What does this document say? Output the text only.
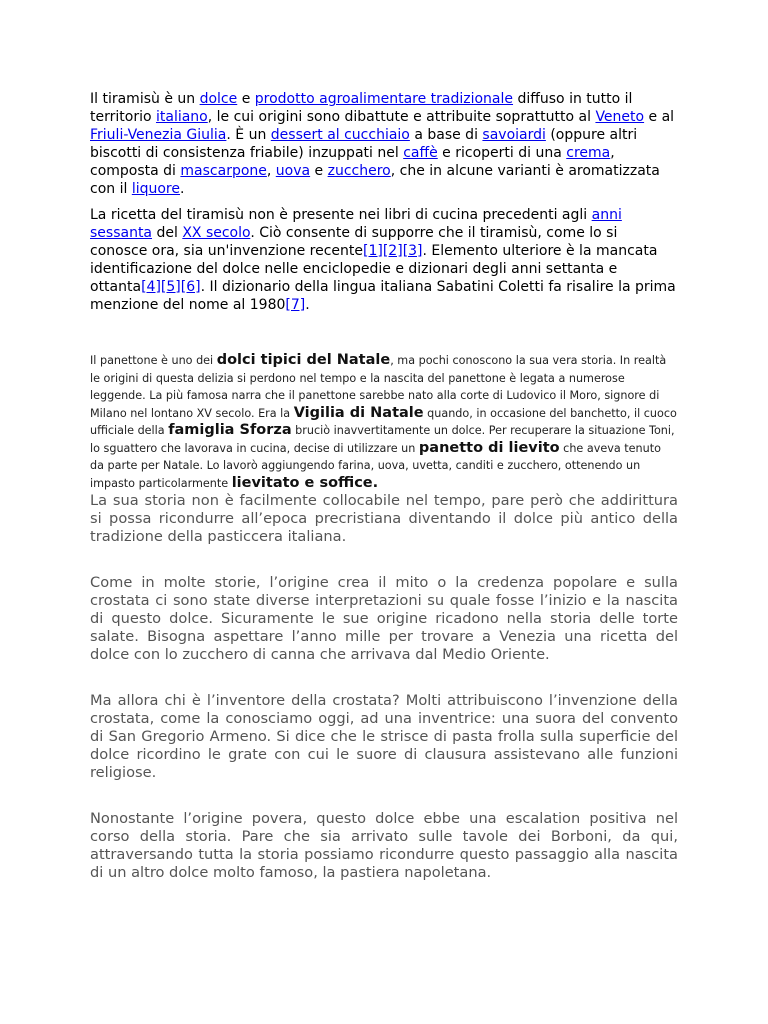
Il tiramisù è un dolce e prodotto agroalimentare tradizionale diffuso in tutto il territorio italiano, le cui origini sono dibattute e attribuite soprattutto al Veneto e al Friuli-Venezia Giulia. È un dessert al cucchiaio a base di savoiardi (oppure altri biscotti di consistenza friabile) inzuppati nel caffè e ricoperti di una crema, composta di mascarpone, uova e zucchero, che in alcune varianti è aromatizzata con il liquore.

La ricetta del tiramisù non è presente nei libri di cucina precedenti agli anni sessanta del XX secolo. Ciò consente di supporre che il tiramisù, come lo si conosce ora, sia un'invenzione recente[1][2][3]. Elemento ulteriore è la mancata identificazione del dolce nelle enciclopedie e dizionari degli anni settanta e ottanta[4][5][6]. Il dizionario della lingua italiana Sabatini Coletti fa risalire la prima menzione del nome al 1980[7].

Il panettone è uno dei dolci tipici del Natale, ma pochi conoscono la sua vera storia. In realtà le origini di questa delizia si perdono nel tempo e la nascita del panettone è legata a numerose leggende. La più famosa narra che il panettone sarebbe nato alla corte di Ludovico il Moro, signore di Milano nel lontano XV secolo. Era la Vigilia di Natale quando, in occasione del banchetto, il cuoco ufficiale della famiglia Sforza bruciò inavvertitamente un dolce. Per recuperare la situazione Toni, lo sguattero che lavorava in cucina, decise di utilizzare un panetto di lievito che aveva tenuto da parte per Natale. Lo lavorò aggiungendo farina, uova, uvetta, canditi e zucchero, ottenendo un impasto particolarmente lievitato e soffice.

La sua storia non è facilmente collocabile nel tempo, pare però che addirittura si possa ricondurre all’epoca precristiana diventando il dolce più antico della tradizione della pasticcera italiana.

Come in molte storie, l’origine crea il mito o la credenza popolare e sulla crostata ci sono state diverse interpretazioni su quale fosse l’inizio e la nascita di questo dolce. Sicuramente le sue origine ricadono nella storia delle torte salate. Bisogna aspettare l’anno mille per trovare a Venezia una ricetta del dolce con lo zucchero di canna che arrivava dal Medio Oriente.

Ma allora chi è l’inventore della crostata? Molti attribuiscono l’invenzione della crostata, come la conosciamo oggi, ad una inventrice: una suora del convento di San Gregorio Armeno. Si dice che le strisce di pasta frolla sulla superficie del dolce ricordino le grate con cui le suore di clausura assistevano alle funzioni religiose.

Nonostante l’origine povera, questo dolce ebbe una escalation positiva nel corso della storia. Pare che sia arrivato sulle tavole dei Borboni, da qui, attraversando tutta la storia possiamo ricondurre questo passaggio alla nascita di un altro dolce molto famoso, la pastiera napoletana.
